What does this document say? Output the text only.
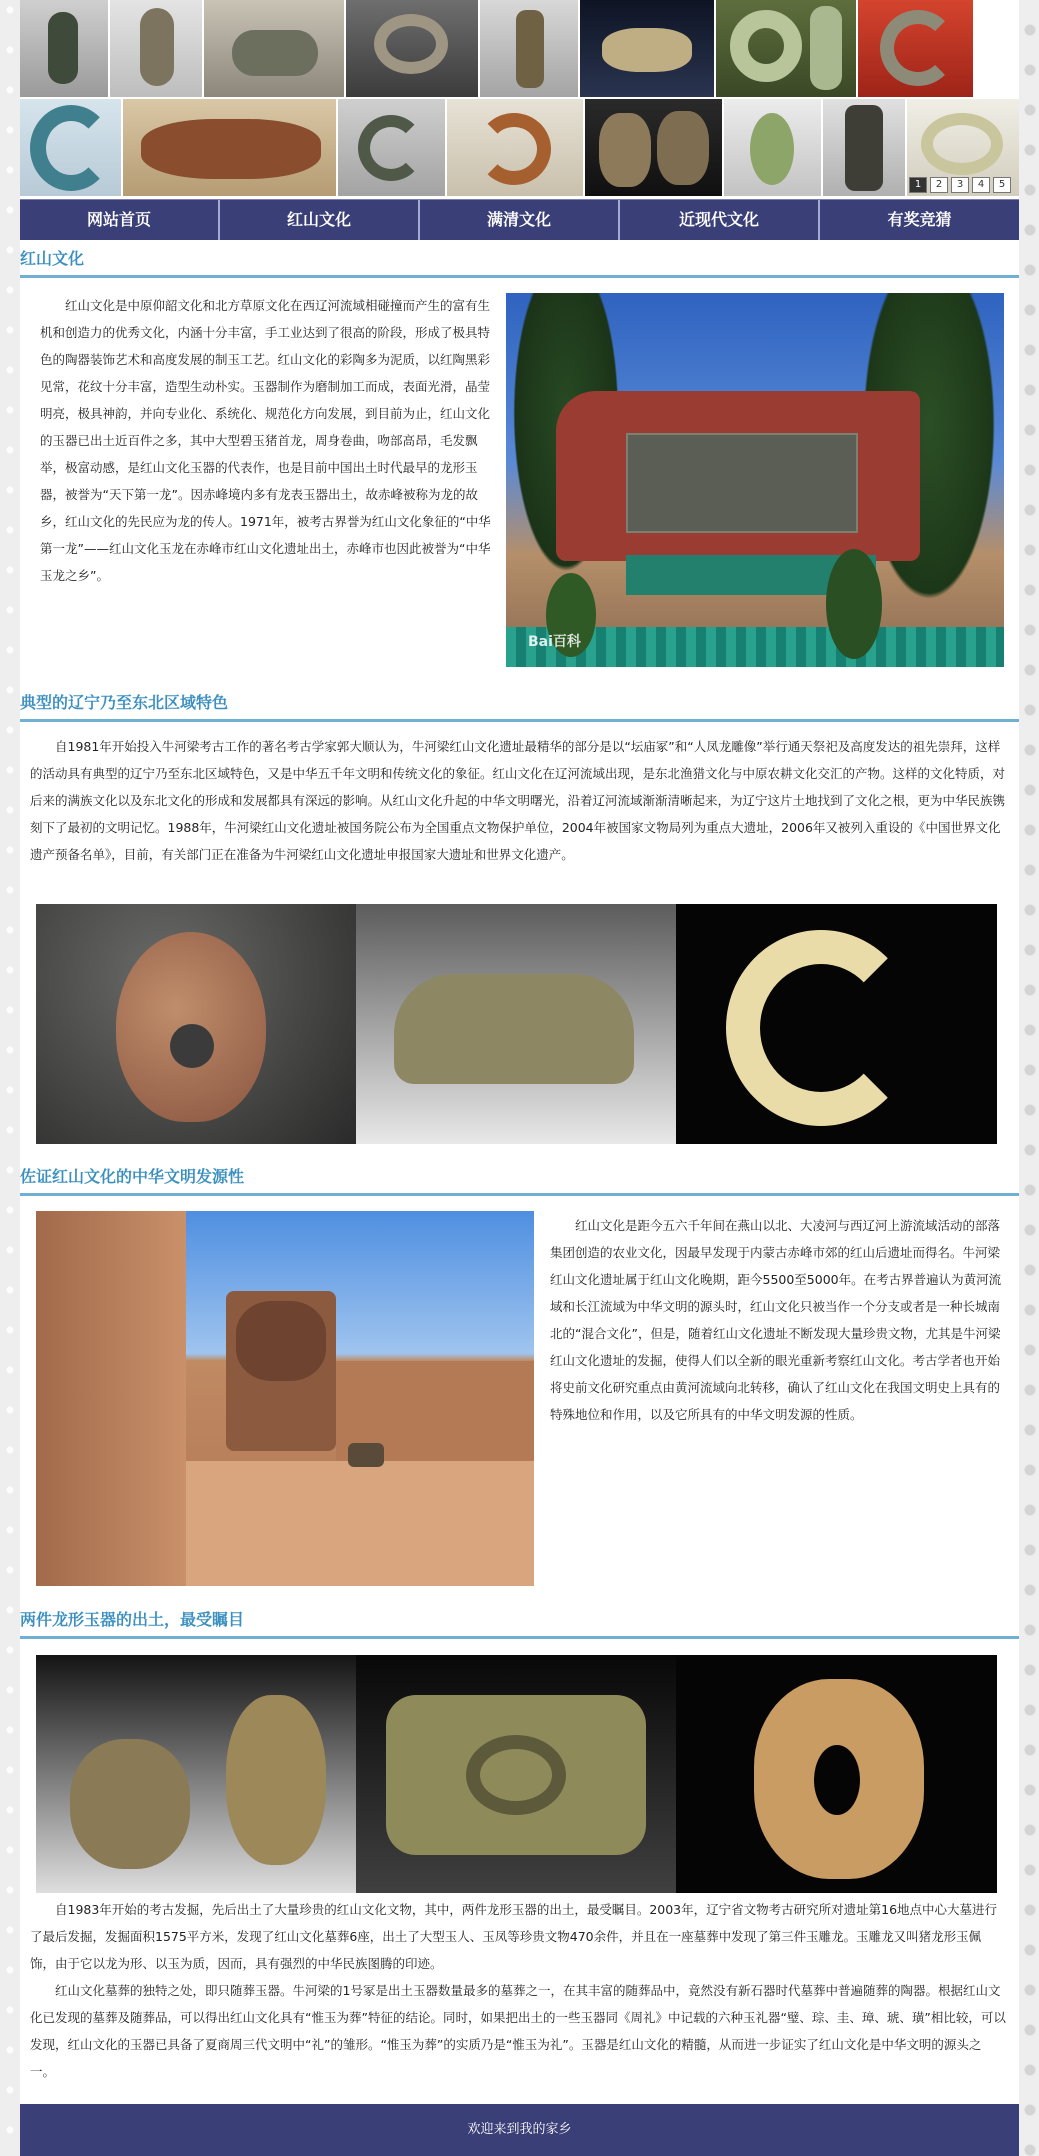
1	2	3	4	5
网站首页	红山文化	满清文化	近现代文化	有奖竞猜
红山文化

红山文化是中原仰韶文化和北方草原文化在西辽河流域相碰撞而产生的富有生机和创造力的优秀文化，内涵十分丰富，手工业达到了很高的阶段，形成了极具特色的陶器装饰艺术和高度发展的制玉工艺。红山文化的彩陶多为泥质，以红陶黑彩见常，花纹十分丰富，造型生动朴实。玉器制作为磨制加工而成，表面光滑，晶莹明亮，极具神韵，并向专业化、系统化、规范化方向发展，到目前为止，红山文化的玉器已出土近百件之多，其中大型碧玉猪首龙，周身卷曲，吻部高昂，毛发飘举，极富动感，是红山文化玉器的代表作，也是目前中国出土时代最早的龙形玉器，被誉为“天下第一龙”。因赤峰境内多有龙表玉器出土，故赤峰被称为龙的故乡，红山文化的先民应为龙的传人。1971年，被考古界誉为红山文化象征的“中华第一龙”——红山文化玉龙在赤峰市红山文化遗址出土，赤峰市也因此被誉为“中华玉龙之乡”。

Bai百科
典型的辽宁乃至东北区域特色

自1981年开始投入牛河梁考古工作的著名考古学家郭大顺认为，牛河梁红山文化遗址最精华的部分是以“坛庙冢”和“人凤龙雕像”举行通天祭祀及高度发达的祖先崇拜，这样的活动具有典型的辽宁乃至东北区域特色，又是中华五千年文明和传统文化的象征。红山文化在辽河流域出现，是东北渔猎文化与中原农耕文化交汇的产物。这样的文化特质，对后来的满族文化以及东北文化的形成和发展都具有深远的影响。从红山文化升起的中华文明曙光，沿着辽河流域渐渐清晰起来，为辽宁这片土地找到了文化之根，更为中华民族镌刻下了最初的文明记忆。1988年，牛河梁红山文化遗址被国务院公布为全国重点文物保护单位，2004年被国家文物局列为重点大遗址，2006年又被列入重设的《中国世界文化遗产预备名单》，目前，有关部门正在准备为牛河梁红山文化遗址申报国家大遗址和世界文化遗产。

佐证红山文化的中华文明发源性

红山文化是距今五六千年间在燕山以北、大凌河与西辽河上游流域活动的部落集团创造的农业文化，因最早发现于内蒙古赤峰市郊的红山后遗址而得名。牛河梁红山文化遗址属于红山文化晚期，距今5500至5000年。在考古界普遍认为黄河流域和长江流域为中华文明的源头时，红山文化只被当作一个分支或者是一种长城南北的“混合文化”，但是，随着红山文化遗址不断发现大量珍贵文物，尤其是牛河梁红山文化遗址的发掘，使得人们以全新的眼光重新考察红山文化。考古学者也开始将史前文化研究重点由黄河流域向北转移，确认了红山文化在我国文明史上具有的特殊地位和作用，以及它所具有的中华文明发源的性质。

两件龙形玉器的出土，最受瞩目

自1983年开始的考古发掘，先后出土了大量珍贵的红山文化文物，其中，两件龙形玉器的出土，最受瞩目。2003年，辽宁省文物考古研究所对遗址第16地点中心大墓进行了最后发掘，发掘面积1575平方米，发现了红山文化墓葬6座，出土了大型玉人、玉凤等珍贵文物470余件，并且在一座墓葬中发现了第三件玉雕龙。玉雕龙又叫猪龙形玉佩饰，由于它以龙为形、以玉为质，因而，具有强烈的中华民族图腾的印迹。

红山文化墓葬的独特之处，即只随葬玉器。牛河梁的1号冢是出土玉器数量最多的墓葬之一，在其丰富的随葬品中，竟然没有新石器时代墓葬中普遍随葬的陶器。根据红山文化已发现的墓葬及随葬品，可以得出红山文化具有“惟玉为葬”特征的结论。同时，如果把出土的一些玉器同《周礼》中记载的六种玉礼器“璧、琮、圭、璋、琥、璜”相比较，可以发现，红山文化的玉器已具备了夏商周三代文明中“礼”的雏形。“惟玉为葬”的实质乃是“惟玉为礼”。玉器是红山文化的精髓，从而进一步证实了红山文化是中华文明的源头之一。

欢迎来到我的家乡
